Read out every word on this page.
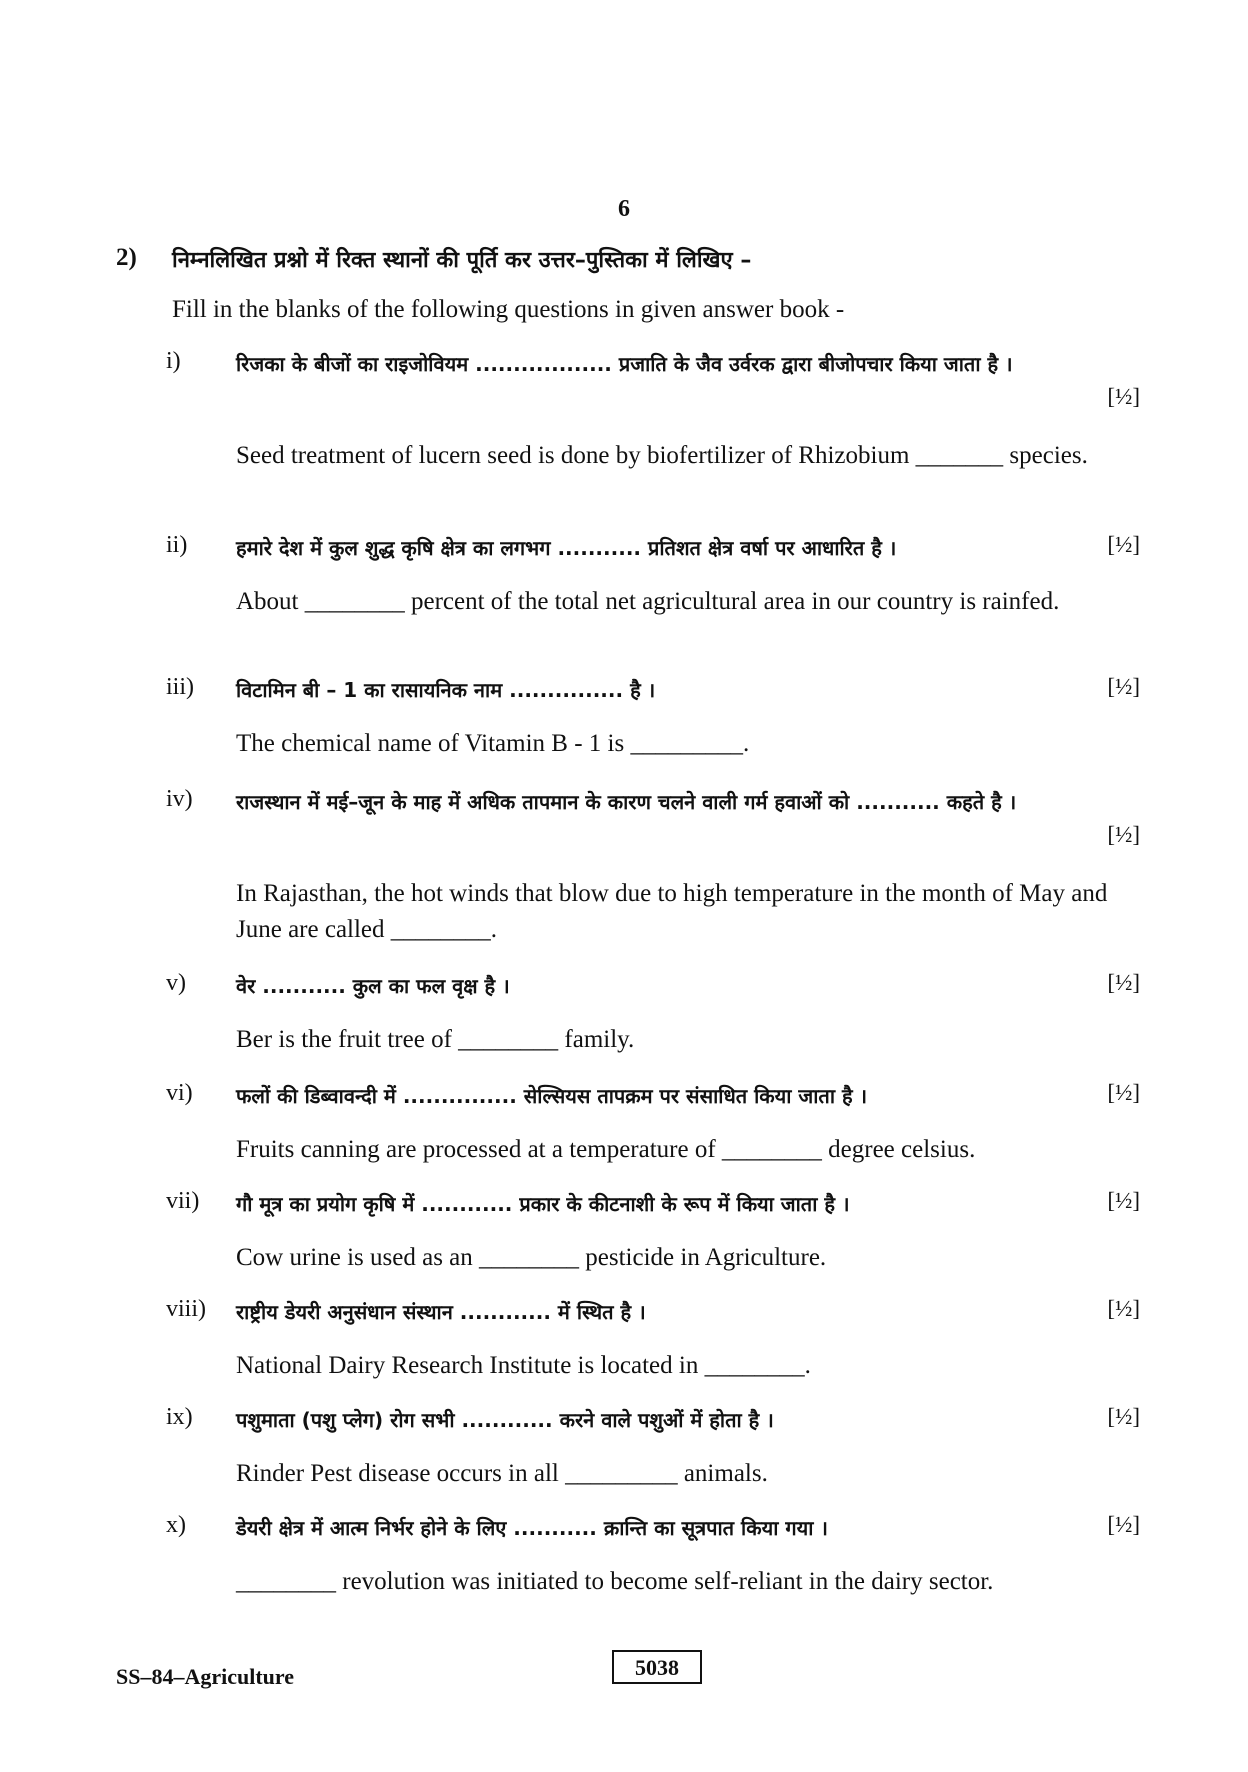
6
2) निम्नलिखित प्रश्नो में रिक्त स्थानों की पूर्ति कर उत्तर–पुस्तिका में लिखिए –
Fill in the blanks of the following questions in given answer book -
i)	रिजका के बीजों का राइजोवियम .................. प्रजाति के जैव उर्वरक द्वारा बीजोपचार किया जाता है ।
[½]
Seed treatment of lucern seed is done by biofertilizer of Rhizobium _______ species.
ii) हमारे देश में कुल शुद्ध कृषि क्षेत्र का लगभग ........... प्रतिशत क्षेत्र वर्षा पर आधारित है ।	[½]
About ________ percent of the total net agricultural area in our country is rainfed.
iii) विटामिन बी – 1 का रासायनिक नाम ............... है ।	[½]
The chemical name of Vitamin B - 1 is _________.
iv) राजस्थान में मई–जून के माह में अधिक तापमान के कारण चलने वाली गर्म हवाओं को ........... कहते है ।
[½]
In Rajasthan, the hot winds that blow due to high temperature in the month of May and June are called ________.
v)	वेर ........... कुल का फल वृक्ष है ।	[½]
Ber is the fruit tree of ________ family.
vi) फलों की डिब्वावन्दी में ............... सेल्सियस तापक्रम पर संसाधित किया जाता है ।	[½]
Fruits canning are processed at a temperature of ________ degree celsius.
vii) गौ मूत्र का प्रयोग कृषि में ............ प्रकार के कीटनाशी के रूप में किया जाता है ।	[½]
Cow urine is used as an ________ pesticide in Agriculture.
viii) राष्ट्रीय डेयरी अनुसंधान संस्थान ............ में स्थित है ।	[½]
National Dairy Research Institute is located in ________.
ix) पशुमाता (पशु प्लेग) रोग सभी ............ करने वाले पशुओं में होता है ।	[½]
Rinder Pest disease occurs in all _________ animals.
x)	डेयरी क्षेत्र में आत्म निर्भर होने के लिए ........... क्रान्ति का सूत्रपात किया गया ।	[½]
________ revolution was initiated to become self-reliant in the dairy sector.
SS–84–Agriculture	5038
